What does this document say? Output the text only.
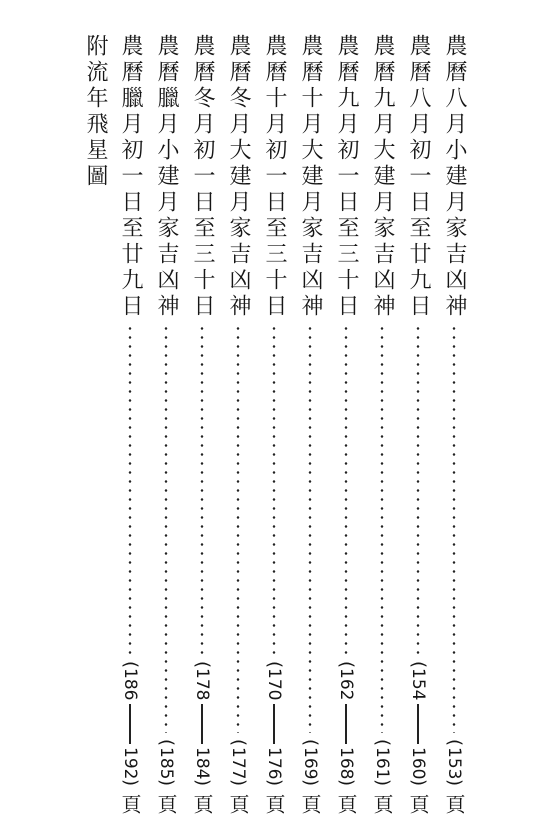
農曆八月小建月家吉凶神
(
153
)
頁
農曆八月初一日至廿九日
(
154
160
)
頁
農曆九月大建月家吉凶神
(
161
)
頁
農曆九月初一日至三十日
(
162
168
)
頁
農曆十月大建月家吉凶神
(
169
)
頁
農曆十月初一日至三十日
(
170
176
)
頁
農曆冬月大建月家吉凶神
(
177
)
頁
農曆冬月初一日至三十日
(
178
184
)
頁
農曆臘月小建月家吉凶神
(
185
)
頁
農曆臘月初一日至廿九日
(
186
192
)
頁
附流年飛星圖
